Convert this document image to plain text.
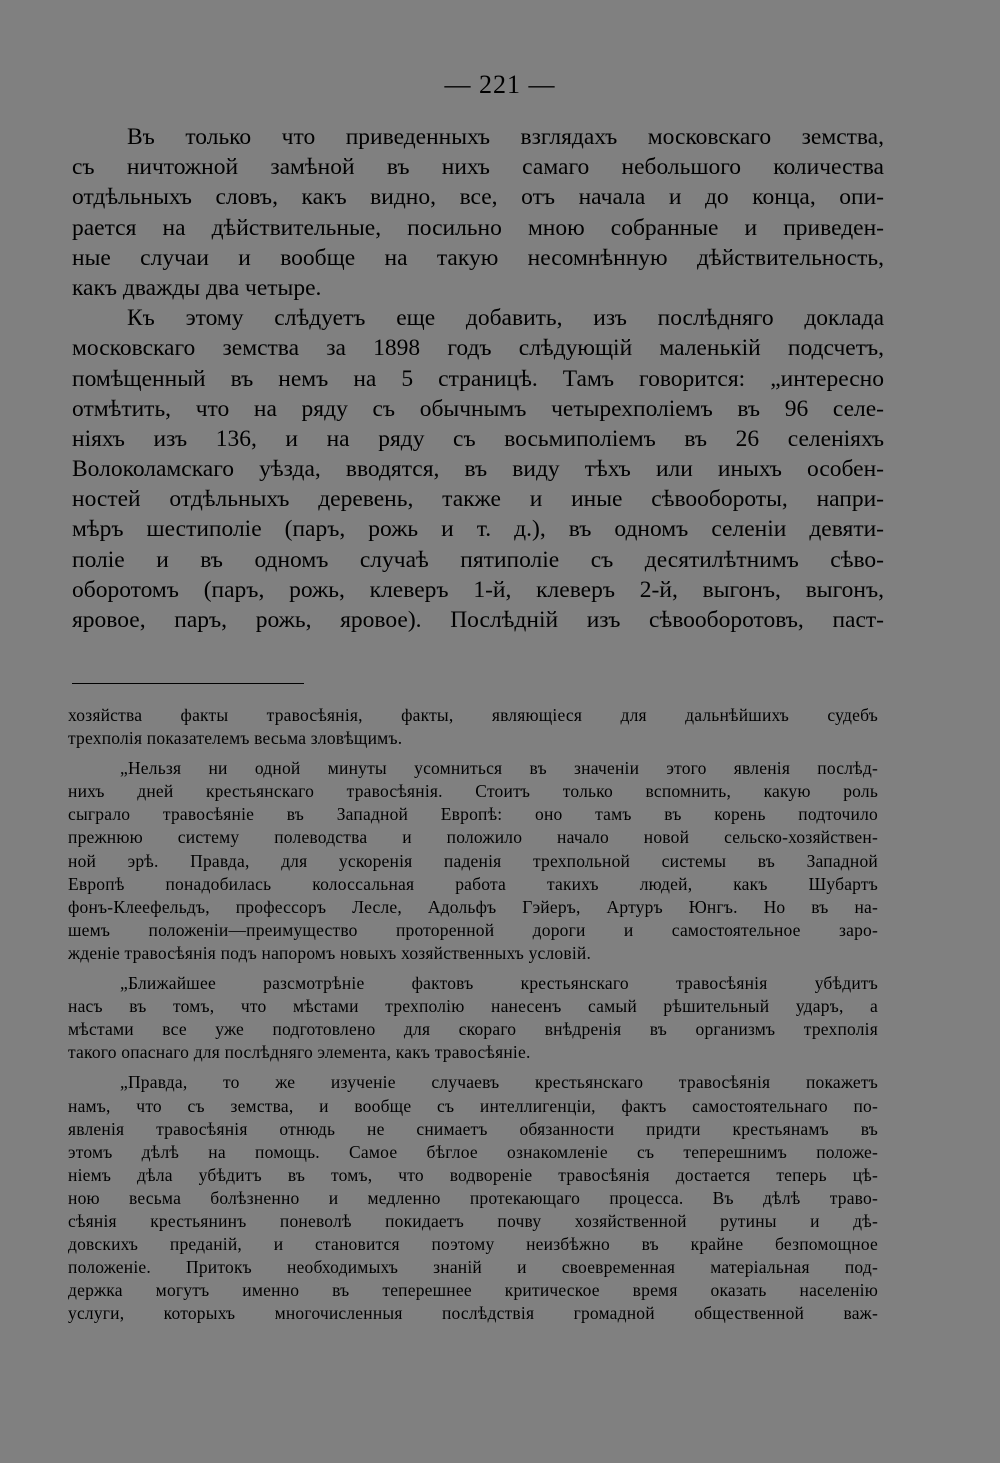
— 221 —
Въ только что приведенныхъ взглядахъ московскаго земства,
съ ничтожной замѣной въ нихъ самаго небольшого количества
отдѣльныхъ словъ, какъ видно, все, отъ начала и до конца, опи-
рается на дѣйствительные, посильно мною собранные и приведен-
ные случаи и вообще на такую несомнѣнную дѣйствительность,
какъ дважды два четыре.
Къ этому слѣдуетъ еще добавить, изъ послѣдняго доклада
московскаго земства за 1898 годъ слѣдующій маленькій подсчетъ,
помѣщенный въ немъ на 5 страницѣ. Тамъ говорится: „интересно
отмѣтить, что на ряду съ обычнымъ четырехполіемъ въ 96 селе-
ніяхъ изъ 136, и на ряду съ восьмиполіемъ въ 26 селеніяхъ
Волоколамскаго уѣзда, вводятся, въ виду тѣхъ или иныхъ особен-
ностей отдѣльныхъ деревень, также и иные сѣвообороты, напри-
мѣръ шестиполіе (паръ, рожь и т. д.), въ одномъ селеніи девяти-
поліе и въ одномъ случаѣ пятиполіе съ десятилѣтнимъ сѣво-
оборотомъ (паръ, рожь, клеверъ 1-й, клеверъ 2-й, выгонъ, выгонъ,
яровое, паръ, рожь, яровое). Послѣдній изъ сѣвооборотовъ, паст-
хозяйства факты травосѣянія, факты, являющіеся для дальнѣйшихъ судебъ
трехполія показателемъ весьма зловѣщимъ.
„Нельзя ни одной минуты усомниться въ значеніи этого явленія послѣд-
нихъ дней крестьянскаго травосѣянія. Стоитъ только вспомнить, какую роль
сыграло травосѣяніе въ Западной Европѣ: оно тамъ въ корень подточило
прежнюю систему полеводства и положило начало новой сельско-хозяйствен-
ной эрѣ. Правда, для ускоренія паденія трехпольной системы въ Западной
Европѣ понадобилась колоссальная работа такихъ людей, какъ Шубартъ
фонъ-Клеефельдъ, профессоръ Лесле, Адольфъ Гэйеръ, Артуръ Юнгъ. Но въ на-
шемъ положеніи—преимущество проторенной дороги и самостоятельное заро-
жденіе травосѣянія подъ напоромъ новыхъ хозяйственныхъ условій.
„Ближайшее разсмотрѣніе фактовъ крестьянскаго травосѣянія убѣдитъ
насъ въ томъ, что мѣстами трехполію нанесенъ самый рѣшительный ударъ, а
мѣстами все уже подготовлено для скораго внѣдренія въ организмъ трехполія
такого опаснаго для послѣдняго элемента, какъ травосѣяніе.
„Правда, то же изученіе случаевъ крестьянскаго травосѣянія покажетъ
намъ, что съ земства, и вообще съ интеллигенціи, фактъ самостоятельнаго по-
явленія травосѣянія отнюдь не снимаетъ обязанности придти крестьянамъ въ
этомъ дѣлѣ на помощь. Самое бѣглое ознакомленіе съ теперешнимъ положе-
ніемъ дѣла убѣдитъ въ томъ, что водвореніе травосѣянія достается теперь цѣ-
ною весьма болѣзненно и медленно протекающаго процесса. Въ дѣлѣ траво-
сѣянія крестьянинъ поневолѣ покидаетъ почву хозяйственной рутины и дѣ-
довскихъ преданій, и становится поэтому неизбѣжно въ крайне безпомощное
положеніе. Притокъ необходимыхъ знаній и своевременная матеріальная под-
держка могутъ именно въ теперешнее критическое время оказать населенію
услуги, которыхъ многочисленныя послѣдствія громадной общественной важ-
